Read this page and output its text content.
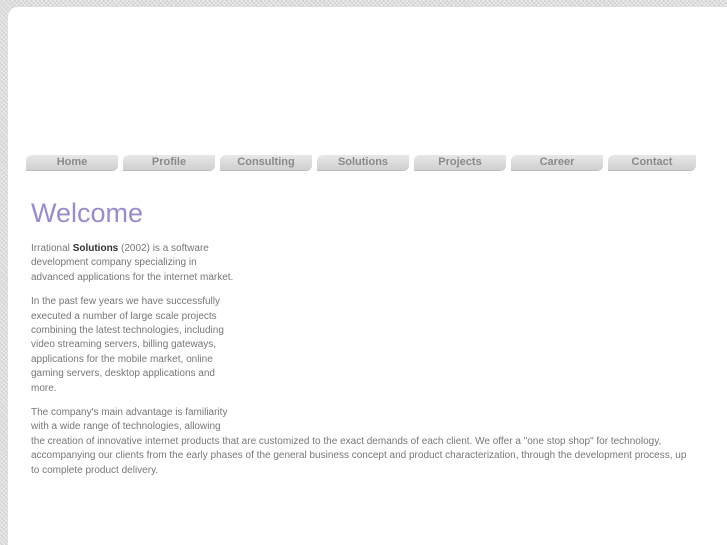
Home	Profile	Consulting	Solutions	Projects	Career	Contact
Welcome

Irrational Solutions (2002) is a software development company specializing in advanced applications for the internet market.

In the past few years we have successfully executed a number of large scale projects combining the latest technologies, including video streaming servers, billing gateways, applications for the mobile market, online gaming servers, desktop applications and more.

The company's main advantage is familiarity
with a wide range of technologies, allowing
the creation of innovative internet products that are customized to the exact demands of each client. We offer a "one stop shop" for technology, accompanying our clients from the early phases of the general business concept and product characterization, through the development process, up to complete product delivery.
